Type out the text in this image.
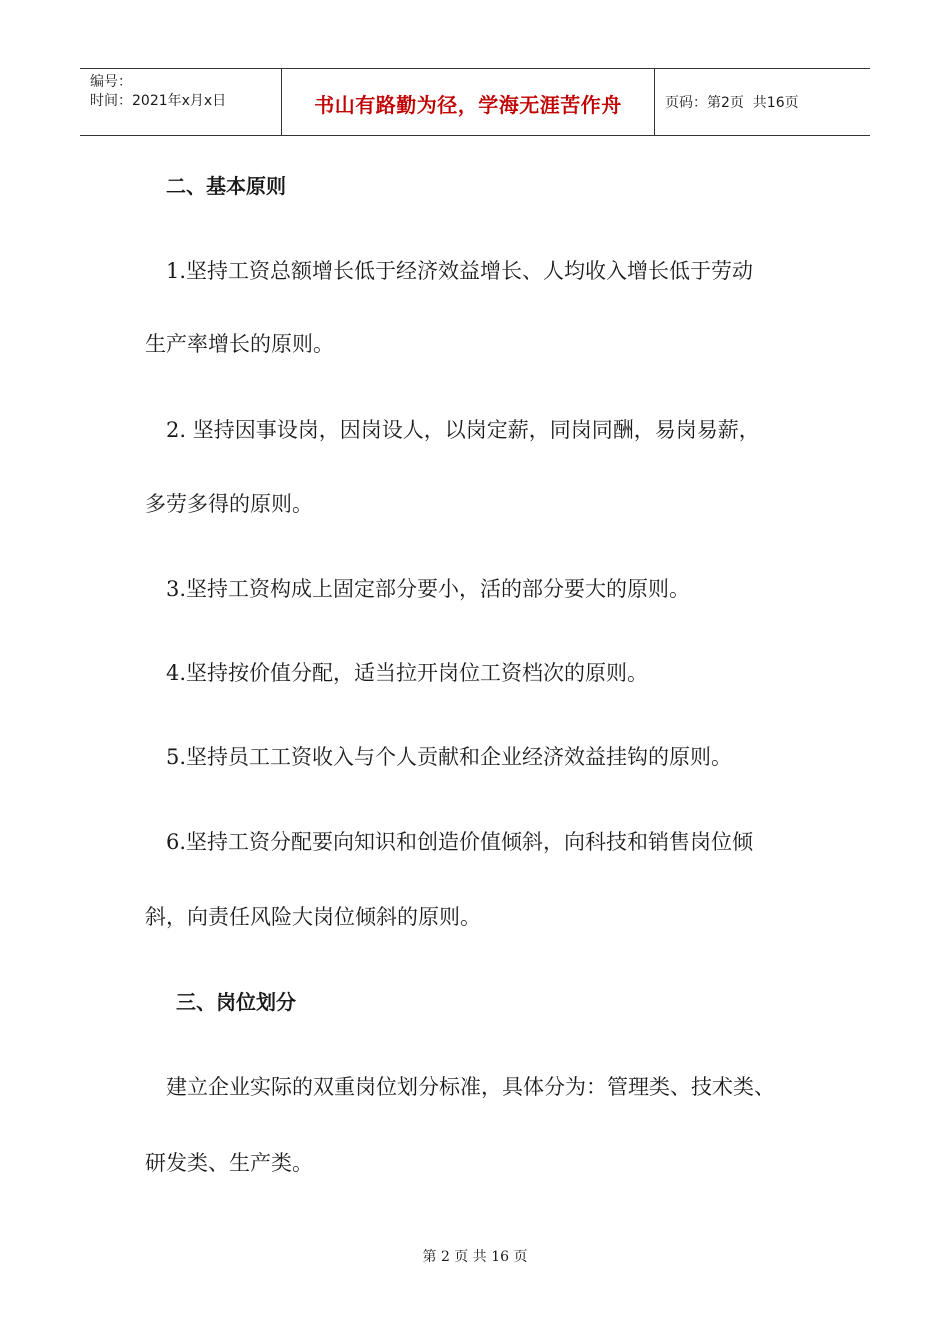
编号：
时间：2021年x月x日	书山有路勤为径，学海无涯苦作舟	页码：第2页  共16页
二、基本原则
1.坚持工资总额增长低于经济效益增长、人均收入增长低于劳动
生产率增长的原则。
2. 坚持因事设岗，因岗设人，以岗定薪，同岗同酬，易岗易薪，
多劳多得的原则。
3.坚持工资构成上固定部分要小，活的部分要大的原则。
4.坚持按价值分配，适当拉开岗位工资档次的原则。
5.坚持员工工资收入与个人贡献和企业经济效益挂钩的原则。
6.坚持工资分配要向知识和创造价值倾斜，向科技和销售岗位倾
斜，向责任风险大岗位倾斜的原则。
三、岗位划分
建立企业实际的双重岗位划分标准，具体分为：管理类、技术类、
研发类、生产类。
第 2 页 共 16 页
